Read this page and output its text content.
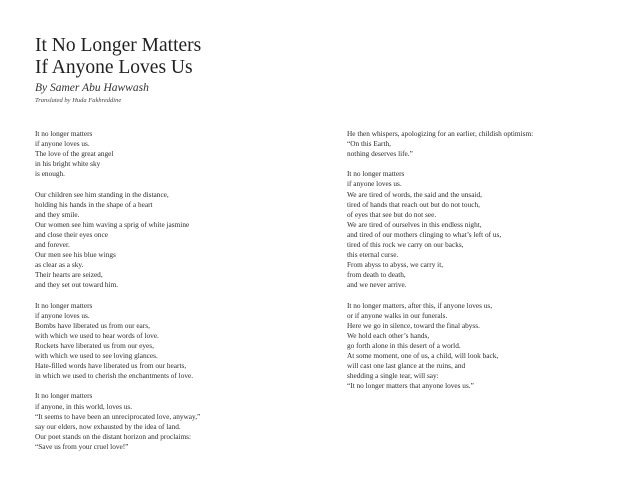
It No Longer Matters
If Anyone Loves Us
By Samer Abu Hawwash
Translated by Huda Fakhreddine
It no longer matters
if anyone loves us.
The love of the great angel
in his bright white sky
is enough.
Our children see him standing in the distance,
holding his hands in the shape of a heart
and they smile.
Our women see him waving a sprig of white jasmine
and close their eyes once
and forever.
Our men see his blue wings
as clear as a sky.
Their hearts are seized,
and they set out toward him.
It no longer matters
if anyone loves us.
Bombs have liberated us from our ears,
with which we used to hear words of love.
Rockets have liberated us from our eyes,
with which we used to see loving glances.
Hate-filled words have liberated us from our hearts,
in which we used to cherish the enchantments of love.
It no longer matters
if anyone, in this world, loves us.
“It seems to have been an unreciprocated love, anyway,”
say our elders, now exhausted by the idea of land.
Our poet stands on the distant horizon and proclaims:
“Save us from your cruel love!”
He then whispers, apologizing for an earlier, childish optimism:
“On this Earth,
nothing deserves life.”
It no longer matters
if anyone loves us.
We are tired of words, the said and the unsaid,
tired of hands that reach out but do not touch,
of eyes that see but do not see.
We are tired of ourselves in this endless night,
and tired of our mothers clinging to what’s left of us,
tired of this rock we carry on our backs,
this eternal curse.
From abyss to abyss, we carry it,
from death to death,
and we never arrive.
It no longer matters, after this, if anyone loves us,
or if anyone walks in our funerals.
Here we go in silence, toward the final abyss.
We hold each other’s hands,
go forth alone in this desert of a world.
At some moment, one of us, a child, will look back,
will cast one last glance at the ruins, and
shedding a single tear, will say:
“It no longer matters that anyone loves us.”
